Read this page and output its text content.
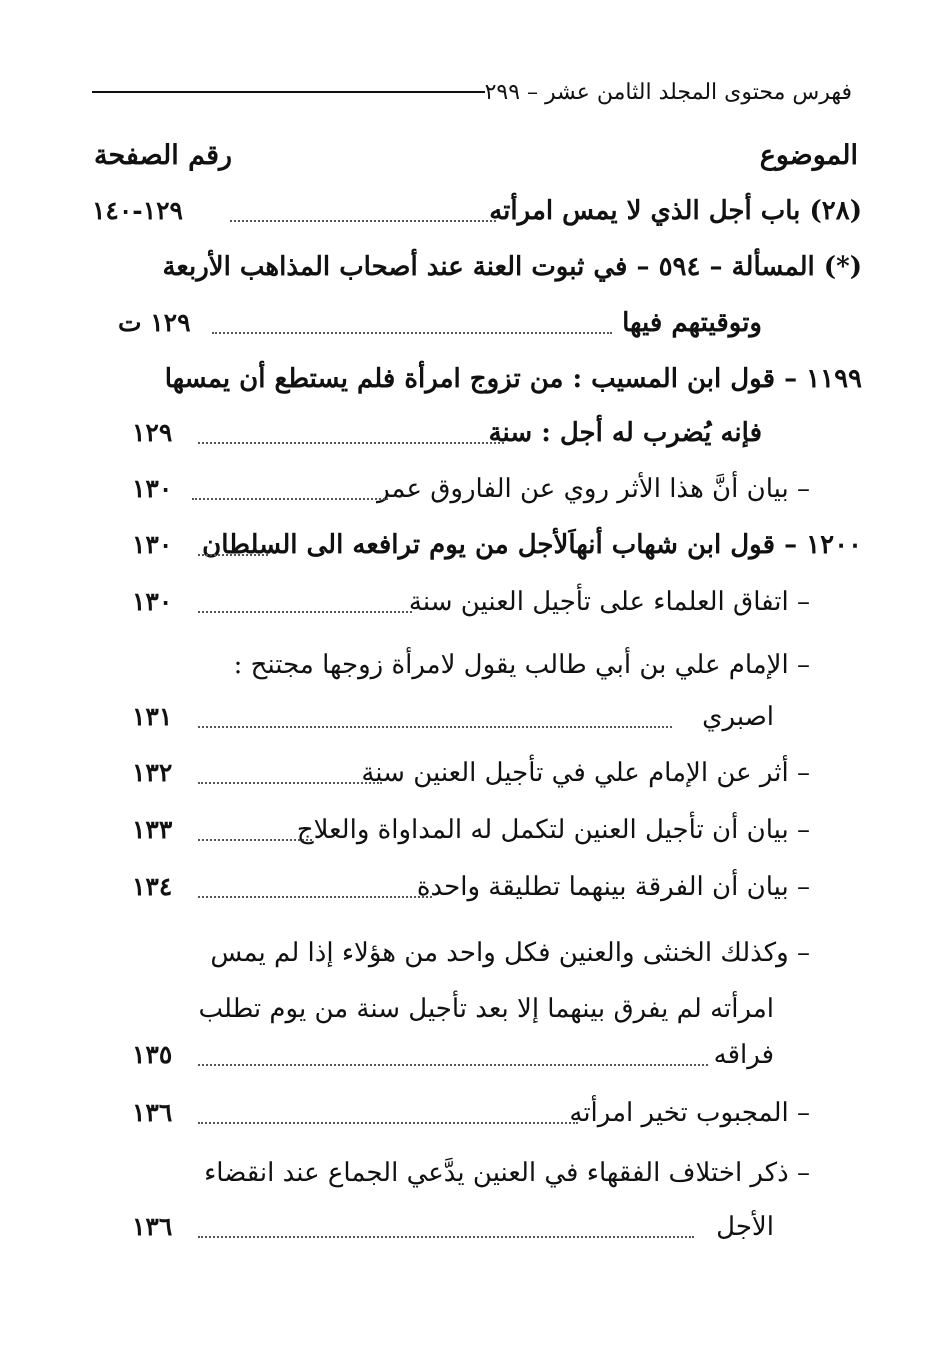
فهرس محتوى المجلد الثامن عشر – ٢٩٩
الموضوع
رقم الصفحة
(٢٨) باب أجل الذي لا يمس امرأته
١٢٩-١٤٠
(*) المسألة – ٥٩٤ – في ثبوت العنة عند أصحاب المذاهب الأربعة
وتوقيتهم فيها
١٢٩ ت
١١٩٩ – قول ابن المسيب : من تزوج امرأة فلم يستطع أن يمسها
فإنه يُضرب له أجل : سنة
١٢٩
– بيان أنَّ هذا الأثر روي عن الفاروق عمر
١٣٠
١٢٠٠ – قول ابن شهاب أنهاَلأجل من يوم ترافعه الى السلطان
١٣٠
– اتفاق العلماء على تأجيل العنين سنة
١٣٠
– الإمام علي بن أبي طالب يقول لامرأة زوجها مجتنح :
اصبري
١٣١
– أثر عن الإمام علي في تأجيل العنين سنة
١٣٢
– بيان أن تأجيل العنين لتكمل له المداواة والعلاج
١٣٣
– بيان أن الفرقة بينهما تطليقة واحدة
١٣٤
– وكذلك الخنثى والعنين فكل واحد من هؤلاء إذا لم يمس
امرأته لم يفرق بينهما إلا بعد تأجيل سنة من يوم تطلب
فراقه
١٣٥
– المجبوب تخير امرأته
١٣٦
– ذكر اختلاف الفقهاء في العنين يدَّعي الجماع عند انقضاء
الأجل
١٣٦
